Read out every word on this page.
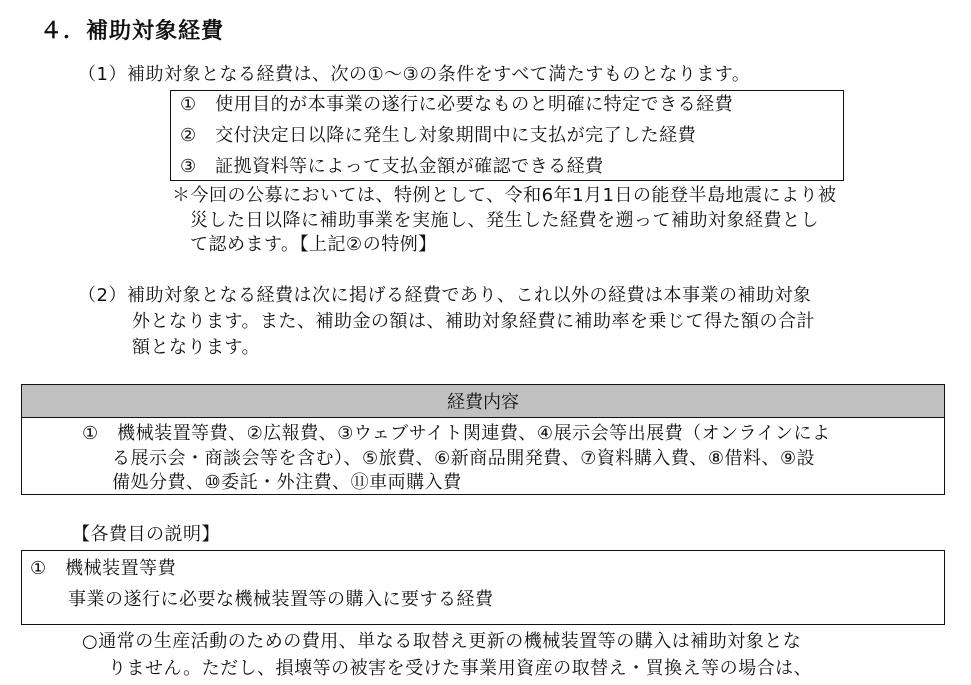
４．補助対象経費
（1）補助対象となる経費は、次の①～③の条件をすべて満たすものとなります。
①　使用目的が本事業の遂行に必要なものと明確に特定できる経費
②　交付決定日以降に発生し対象期間中に支払が完了した経費
③　証拠資料等によって支払金額が確認できる経費
＊今回の公募においては、特例として、令和6年1月1日の能登半島地震により被
災した日以降に補助事業を実施し、発生した経費を遡って補助対象経費とし
て認めます。【上記②の特例】
（2）補助対象となる経費は次に掲げる経費であり、これ以外の経費は本事業の補助対象
外となります。また、補助金の額は、補助対象経費に補助率を乗じて得た額の合計
額となります。
経費内容
①　機械装置等費、②広報費、③ウェブサイト関連費、④展示会等出展費（オンラインによ
る展示会・商談会等を含む）、⑤旅費、⑥新商品開発費、⑦資料購入費、⑧借料、⑨設
備処分費、⑩委託・外注費、⑪車両購入費
【各費目の説明】
①　機械装置等費
事業の遂行に必要な機械装置等の購入に要する経費
○通常の生産活動のための費用、単なる取替え更新の機械装置等の購入は補助対象とな
りません。ただし、損壊等の被害を受けた事業用資産の取替え・買換え等の場合は、
